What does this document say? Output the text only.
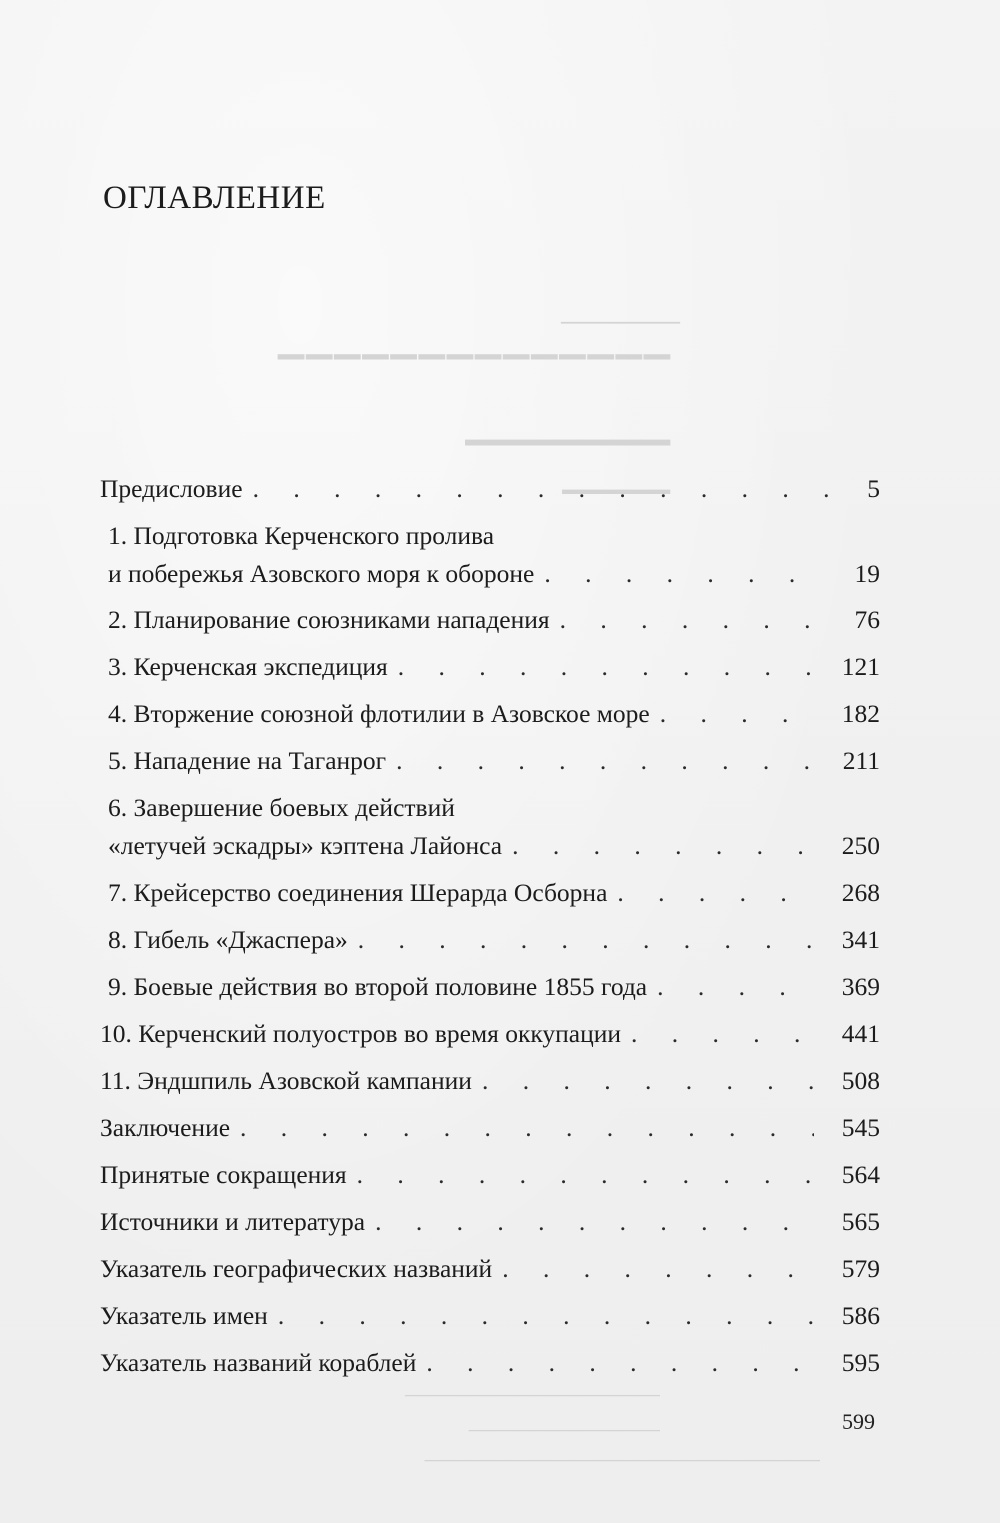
───────
▔▔▔▔▔▔▔▔▔▔▔▔▔▔
▔▔▔▔▔▔▔
▔▔▔▔▔
────────────────────
───────────────
───────────────────────────────
ОГЛАВЛЕНИЕ
Предисловие . . .	5
1. Подготовка Керченского пролива
и побережья Азовского моря к обороне . . .	19
2. Планирование союзниками нападения . . .	76
3. Керченская экспедиция . . .	121
4. Вторжение союзной флотилии в Азовское море . . .	182
5. Нападение на Таганрог . . .	211
6. Завершение боевых действий
«летучей эскадры» кэптена Лайонса . . .	250
7. Крейсерство соединения Шерарда Осборна . . .	268
8. Гибель «Джаспера» . . .	341
9. Боевые действия во второй половине 1855 года . . .	369
10. Керченский полуостров во время оккупации . . .	441
11. Эндшпиль Азовской кампании . . .	508
Заключение . . .	545
Принятые сокращения . . .	564
Источники и литература . . .	565
Указатель географических названий . . .	579
Указатель имен . . .	586
Указатель названий кораблей . . .	595
599
